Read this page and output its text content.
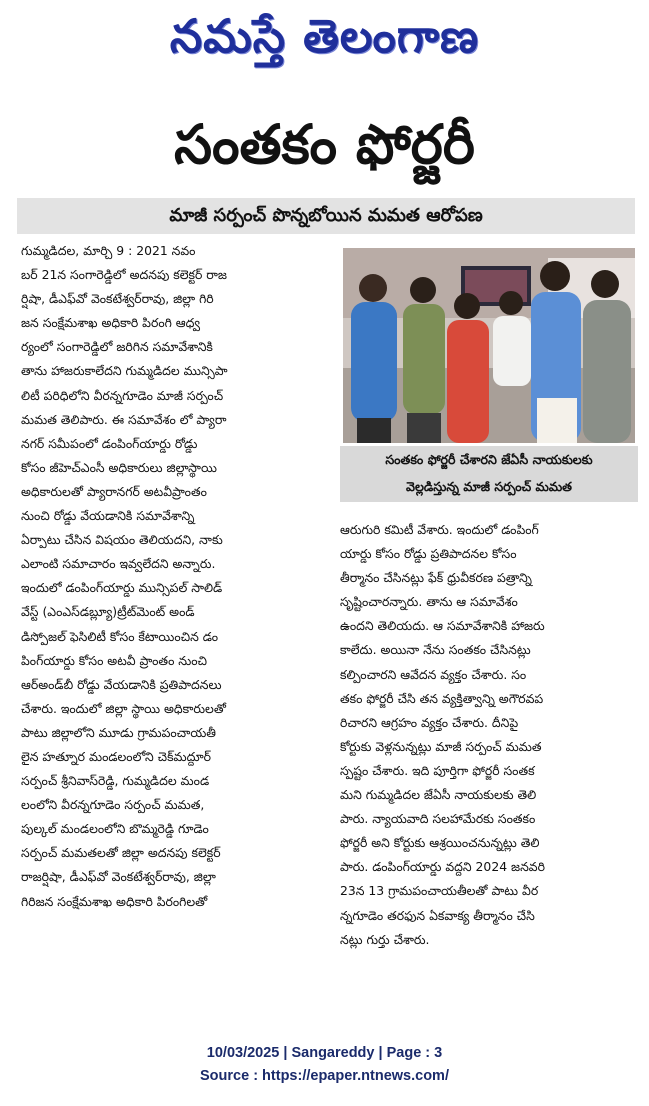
నమస్తే తెలంగాణ
సంతకం ఫోర్జరీ
మాజీ సర్పంచ్ పొన్నబోయిన మమత ఆరోపణ

గుమ్మడిదల, మార్చి 9 : 2021 నవం
బర్ 21న సంగారెడ్డిలో అదనపు కలెక్టర్ రాజ
ర్షిషా, డీఎఫ్‌వో వెంకటేశ్వర్‌రావు, జిల్లా గిరి
జన సంక్షేమశాఖ అధికారి పిరంగి ఆధ్వ
ర్యంలో సంగారెడ్డిలో జరిగిన సమావేశానికి
తాను హాజరుకాలేదని గుమ్మడిదల మున్సిపా
లిటీ పరిధిలోని వీరన్నగూడెం మాజీ సర్పంచ్
మమత తెలిపారు. ఈ సమావేశం లో ప్యారా
నగర్ సమీపంలో డంపింగ్‌యార్డు రోడ్డు
కోసం జీహెచ్‌ఎంసీ అధికారులు జిల్లాస్థాయి
అధికారులతో ప్యారానగర్ అటవీప్రాంతం
నుంచి రోడ్డు వేయడానికి సమావేశాన్ని
ఏర్పాటు చేసిన విషయం తెలియదని, నాకు
ఎలాంటి సమాచారం ఇవ్వలేదని అన్నారు.
ఇందులో డంపింగ్‌యార్డు మున్సిపల్ సాలిడ్
వేస్ట్ (ఎంఎస్‌డబ్ల్యూ)ట్రీట్‌మెంట్ అండ్
డిస్పోజల్ ఫెసిలిటీ కోసం కేటాయించిన డం
పింగ్‌యార్డు కోసం అటవీ ప్రాంతం నుంచి
ఆర్‌అండ్‌బీ రోడ్డు వేయడానికి ప్రతిపాదనలు
చేశారు. ఇందులో జిల్లా స్థాయి అధికారులతో
పాటు జిల్లాలోని మూడు గ్రామపంచాయతీ
లైన హత్నూర మండలంలోని చెక్‌మద్దూర్
సర్పంచ్ శ్రీనివాస్‌రెడ్డి, గుమ్మడిదల మండ
లంలోని వీరన్నగూడెం సర్పంచ్ మమత,
పుల్కల్ మండలంలోని బొమ్మరెడ్డి గూడెం
సర్పంచ్ మమతలతో జిల్లా అదనపు కలెక్టర్
రాజర్షిషా, డీఎఫ్‌వో వెంకటేశ్వర్‌రావు, జిల్లా
గిరిజన సంక్షేమశాఖ అధికారి పిరంగిలతో

సంతకం ఫోర్జరీ చేశారని జేఏసీ నాయకులకు
వెల్లడిస్తున్న మాజీ సర్పంచ్ మమత

ఆరుగురి కమిటీ వేశారు. ఇందులో డంపింగ్
యార్డు కోసం రోడ్డు ప్రతిపాదనల కోసం
తీర్మానం చేసినట్లు ఫేక్ ధ్రువీకరణ పత్రాన్ని
సృష్టించారన్నారు. తాను ఆ సమావేశం
ఉందని తెలియదు. ఆ సమావేశానికి హాజరు
కాలేదు. అయినా నేను సంతకం చేసినట్లు
కల్పించారని ఆవేదన వ్యక్తం చేశారు. సం
తకం ఫోర్జరీ చేసి తన వ్యక్తిత్వాన్ని అగౌరవప
రిచారని ఆగ్రహం వ్యక్తం చేశారు. దీనిపై
కోర్టుకు వెళ్లనున్నట్లు మాజీ సర్పంచ్ మమత
స్పష్టం చేశారు. ఇది పూర్తిగా ఫోర్జరీ సంతక
మని గుమ్మడిదల జేఏసీ నాయకులకు తెలి
పారు. న్యాయవాది సలహామేరకు సంతకం
ఫోర్జరీ అని కోర్టుకు ఆశ్రయించనున్నట్లు తెలి
పారు. డంపింగ్‌యార్డు వద్దని 2024 జనవరి
23న 13 గ్రామపంచాయతీలతో పాటు వీర
న్నగూడెం తరఫున ఏకవాక్య తీర్మానం చేసి
నట్లు గుర్తు చేశారు.

10/03/2025 | Sangareddy | Page : 3
Source : https://epaper.ntnews.com/
